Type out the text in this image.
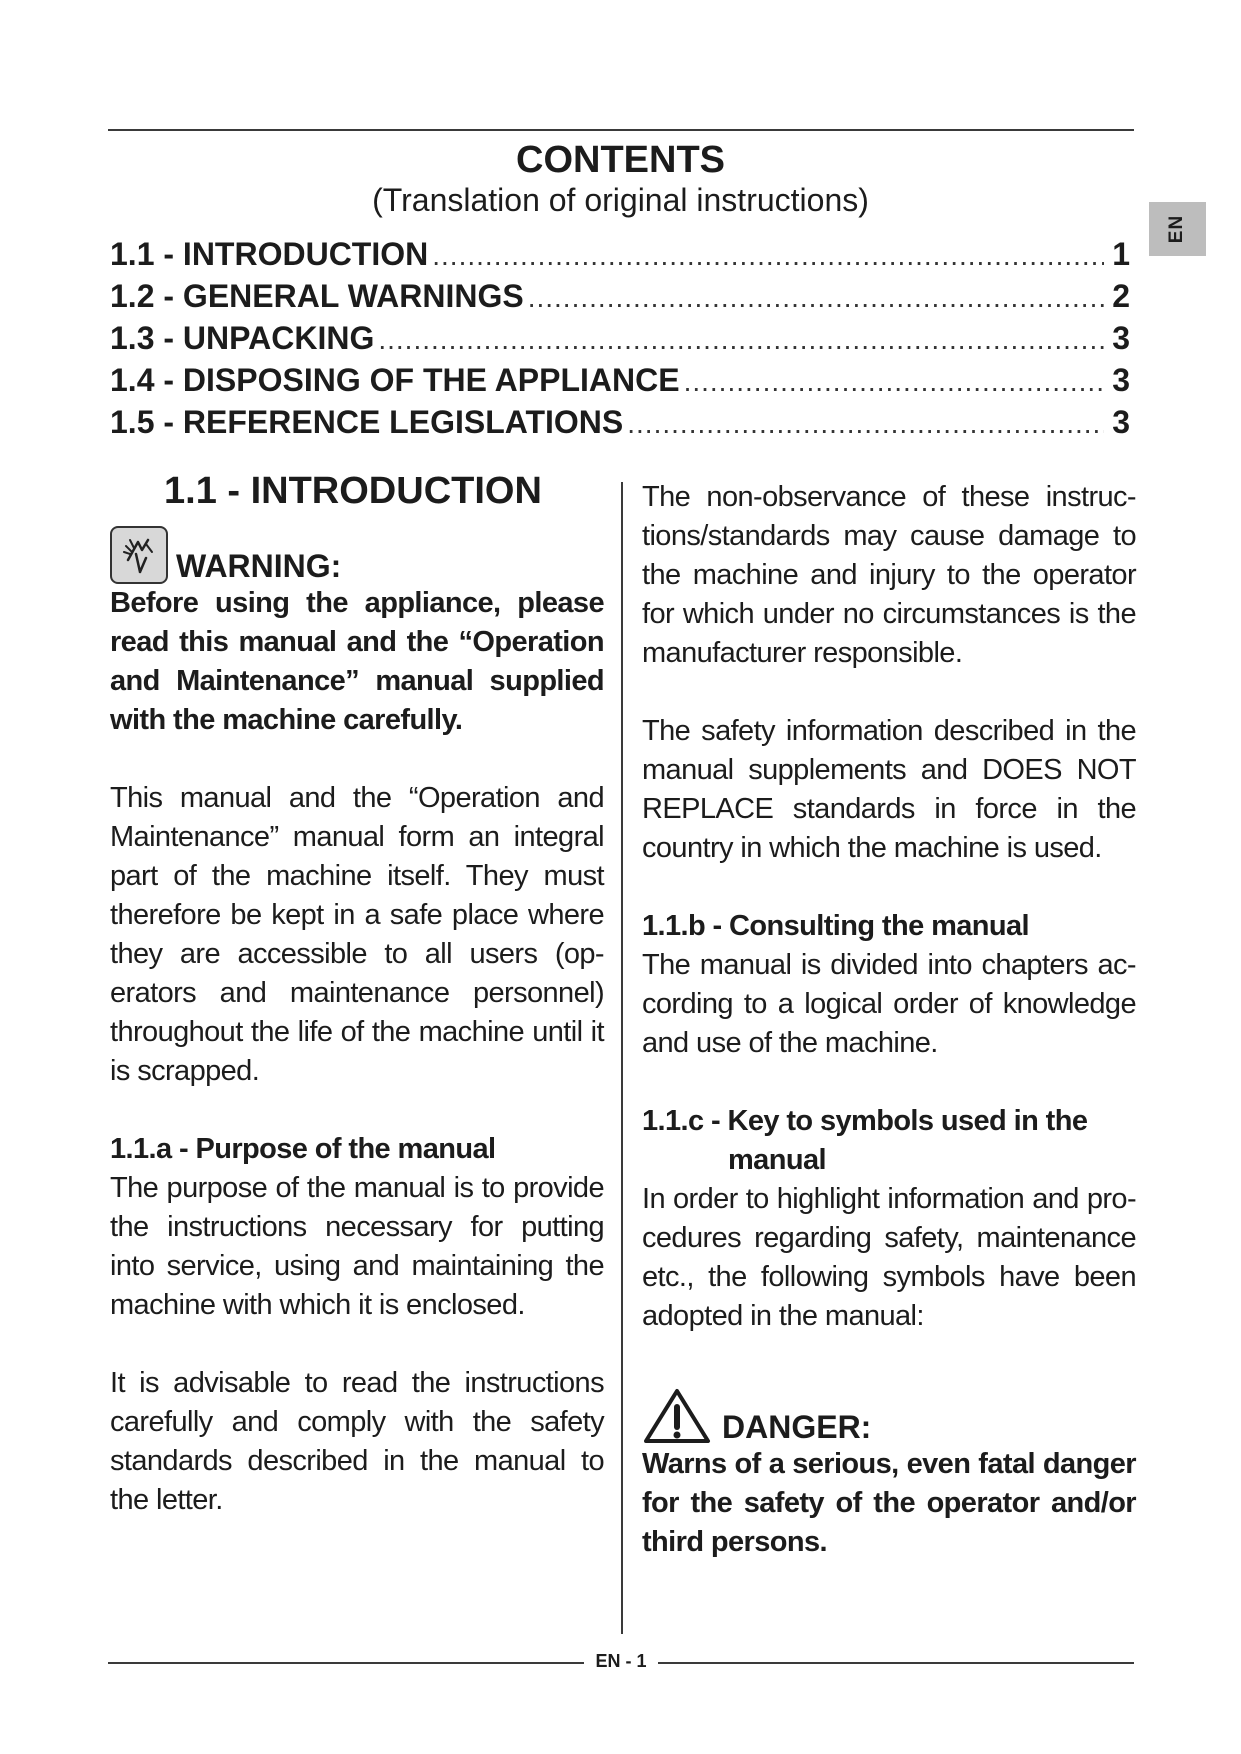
EN
CONTENTS
(Translation of original instructions)
1.1 - INTRODUCTION .....	1
1.2 - GENERAL WARNINGS .....	2
1.3 - UNPACKING .....	3
1.4 - DISPOSING OF THE APPLIANCE .....	3
1.5 - REFERENCE LEGISLATIONS .....	3
1.1 - INTRODUCTION
WARNING:

Before using the appliance, please read this manual and the “Operation and Maintenance” manual supplied with the machine carefully.

This manual and the “Operation and Maintenance” manual form an integral part of the machine itself. They must therefore be kept in a safe place where they are accessible to all users (op-erators and maintenance personnel) throughout the life of the machine until it is scrapped.

1.1.a - Purpose of the manual

The purpose of the manual is to provide the instructions necessary for putting into service, using and maintaining the machine with which it is enclosed.

It is advisable to read the instructions carefully and comply with the safety standards described in the manual to the letter.

The non-observance of these instruc-tions/standards may cause damage to the machine and injury to the operator for which under no circumstances is the manufacturer responsible.

The safety information described in the manual supplements and DOES NOT REPLACE standards in force in the country in which the machine is used.

1.1.b - Consulting the manual

The manual is divided into chapters ac-cording to a logical order of knowledge and use of the machine.

1.1.c - Key to symbols used in the
manual

In order to highlight information and pro-cedures regarding safety, maintenance etc., the following symbols have been adopted in the manual:

DANGER:

Warns of a serious, even fatal danger for the safety of the operator and/or third persons.

EN - 1
